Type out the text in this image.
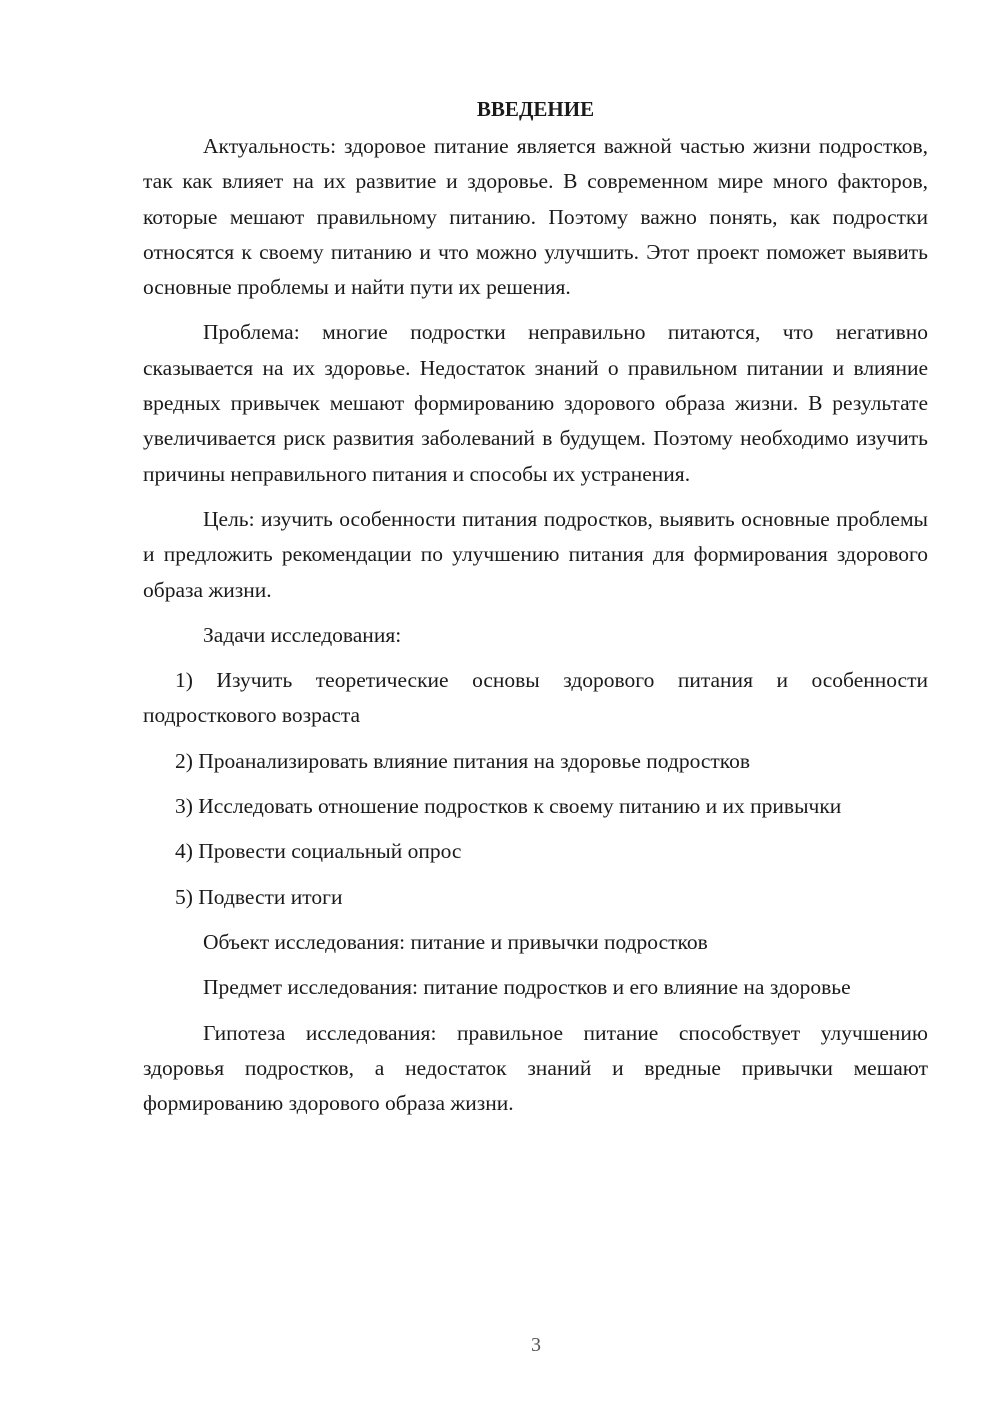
ВВЕДЕНИЕ

Актуальность: здоровое питание является важной частью жизни подростков, так как влияет на их развитие и здоровье. В современном мире много факторов, которые мешают правильному питанию. Поэтому важно понять, как подростки относятся к своему питанию и что можно улучшить. Этот проект поможет выявить основные проблемы и найти пути их решения.

Проблема: многие подростки неправильно питаются, что негативно сказывается на их здоровье. Недостаток знаний о правильном питании и влияние вредных привычек мешают формированию здорового образа жизни. В результате увеличивается риск развития заболеваний в будущем. Поэтому необходимо изучить причины неправильного питания и способы их устранения.

Цель: изучить особенности питания подростков, выявить основные проблемы и предложить рекомендации по улучшению питания для формирования здорового образа жизни.

Задачи исследования:

1) Изучить теоретические основы здорового питания и особенности подросткового возраста

2) Проанализировать влияние питания на здоровье подростков

3) Исследовать отношение подростков к своему питанию и их привычки

4) Провести социальный опрос

5) Подвести итоги

Объект исследования: питание и привычки подростков

Предмет исследования: питание подростков и его влияние на здоровье

Гипотеза исследования: правильное питание способствует улучшению здоровья подростков, а недостаток знаний и вредные привычки мешают формированию здорового образа жизни.

3
